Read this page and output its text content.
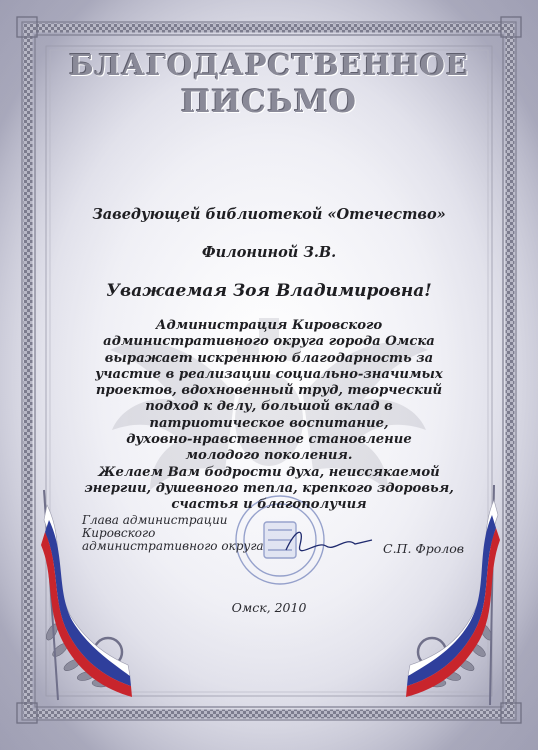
БЛАГОДАРСТВЕННОЕ
ПИСЬМО
Заведующей библиотекой «Отечество»
Филониной З.В.
Уважаемая Зоя Владимировна!
Администрация Кировского
административного округа города Омска
выражает искреннюю благодарность за
участие в реализации социально-значимых
проектов, вдохновенный труд, творческий
подход к делу, большой вклад в
патриотическое воспитание,
духовно-нравственное становление
молодого поколения.
Желаем Вам бодрости духа, неиссякаемой
энергии, душевного тепла, крепкого здоровья,
счастья и благополучия
Глава администрации
Кировского
административного округа	С.П. Фролов
Омск, 2010
